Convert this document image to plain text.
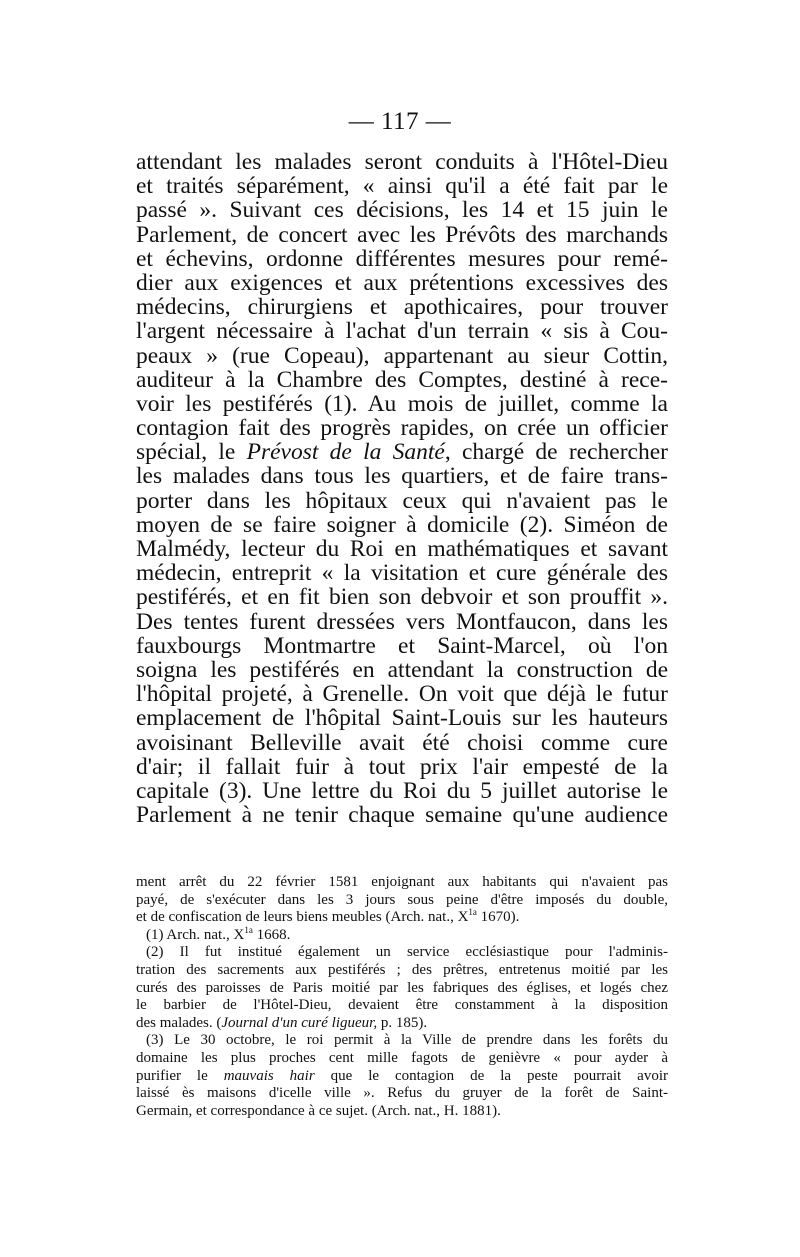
— 117 —
attendant les malades seront conduits à l'Hôtel-Dieu
et traités séparément, « ainsi qu'il a été fait par le
passé ». Suivant ces décisions, les 14 et 15 juin le
Parlement, de concert avec les Prévôts des marchands
et échevins, ordonne différentes mesures pour remé-
dier aux exigences et aux prétentions excessives des
médecins, chirurgiens et apothicaires, pour trouver
l'argent nécessaire à l'achat d'un terrain « sis à Cou-
peaux » (rue Copeau), appartenant au sieur Cottin,
auditeur à la Chambre des Comptes, destiné à rece-
voir les pestiférés (1). Au mois de juillet, comme la
contagion fait des progrès rapides, on crée un officier
spécial, le Prévost de la Santé, chargé de rechercher
les malades dans tous les quartiers, et de faire trans-
porter dans les hôpitaux ceux qui n'avaient pas le
moyen de se faire soigner à domicile (2). Siméon de
Malmédy, lecteur du Roi en mathématiques et savant
médecin, entreprit « la visitation et cure générale des
pestiférés, et en fit bien son debvoir et son prouffit ».
Des tentes furent dressées vers Montfaucon, dans les
fauxbourgs Montmartre et Saint-Marcel, où l'on
soigna les pestiférés en attendant la construction de
l'hôpital projeté, à Grenelle. On voit que déjà le futur
emplacement de l'hôpital Saint-Louis sur les hauteurs
avoisinant Belleville avait été choisi comme cure
d'air; il fallait fuir à tout prix l'air empesté de la
capitale (3). Une lettre du Roi du 5 juillet autorise le
Parlement à ne tenir chaque semaine qu'une audience
ment arrêt du 22 février 1581 enjoignant aux habitants qui n'avaient pas
payé, de s'exécuter dans les 3 jours sous peine d'être imposés du double,
et de confiscation de leurs biens meubles (Arch. nat., $X^{1a}$ 1670).
(1) Arch. nat., $X^{1a}$ 1668.
(2) Il fut institué également un service ecclésiastique pour l'adminis-
tration des sacrements aux pestiférés ; des prêtres, entretenus moitié par les
curés des paroisses de Paris moitié par les fabriques des églises, et logés chez
le barbier de l'Hôtel-Dieu, devaient être constamment à la disposition
des malades. (Journal d'un curé ligueur, p. 185).
(3) Le 30 octobre, le roi permit à la Ville de prendre dans les forêts du
domaine les plus proches cent mille fagots de genièvre « pour ayder à
purifier le mauvais hair que le contagion de la peste pourrait avoir
laissé ès maisons d'icelle ville ». Refus du gruyer de la forêt de Saint-
Germain, et correspondance à ce sujet. (Arch. nat., H. 1881).
